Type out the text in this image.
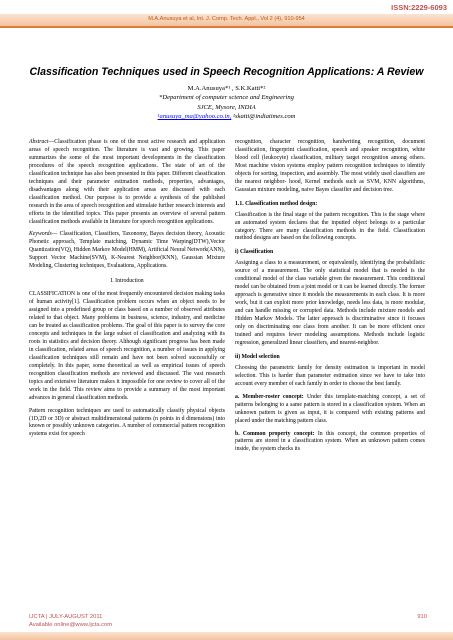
ISSN:2229-6093
M.A.Anusuya et al, Int. J. Comp. Tech. Appl., Vol 2 (4), 910-954
Classification Techniques used in Speech Recognition Applications: A Review
M.A.Anusuya*¹ , S.K.Katti*²
*Department of computer science and Engineering
SJCE, Mysore, INDIA
¹anusuya_ma@yahoo.co.in, ²skatti@indiatimes.com

Abstract—Classification phase is one of the most active research and application areas of speech recognition. The literature is vast and growing. This paper summarizes the some of the most important developments in the classification procedures of the speech recognition applications. The state of art of the classification technique has also been presented in this paper. Different classification techniques and their parameter estimation methods, properties, advantages, disadvantages along with their application areas are discussed with each classification method. Our purpose is to provide a synthesis of the published research in the area of speech recognition and stimulate further research interests and efforts in the identified topics. This paper presents an overview of several pattern classification methods available in literature for speech recognition applications.

Keywords— Classification, Classifiers, Taxonomy, Bayes decision theory, Acoustic Phonetic approach, Template matching, Dynamic Time Warping(DTW),Vector Quantization(VQ), Hidden Markov Model(HMM), Artificial Neural Network(ANN), Support Vector Machine(SVM), K-Nearest Neighbor(KNN), Gaussian Mixture Modeling, Clustering techniques, Evaluations, Applications.

I. Introduction

CLASSIFICATION is one of the most frequently encountered decision making tasks of human activity[1]. Classification problem occurs when an object needs to be assigned into a predefined group or class based on a number of observed attributes related to that object. Many problems in business, science, industry, and medicine can be treated as classification problems. The goal of this paper is to survey the core concepts and techniques in the large subset of classification and analyzing with its roots in statistics and decision theory. Although significant progress has been made in classification, related areas of speech recognition, a number of issues in applying classification techniques still remain and have not been solved successfully or completely. In this paper, some theoretical as well as empirical issues of speech recognition classification methods are reviewed and discussed. The vast research topics and extensive literature makes it impossible for one review to cover all of the work in the field. This review aims to provide a summary of the most important advances in general classification methods.

Pattern recognition techniques are used to automatically classify physical objects (1D,2D or 3D) or abstract multidimensional patterns (n points in d dimensions) into known or possibly unknown categories. A number of commercial pattern recognition systems exist for speech

recognition, character recognition, handwriting recognition, document classification, fingerprint classification, speech and speaker recognition, white blood cell (leukocyte) classification, military target recognition among others. Most machine vision systems employ pattern recognition techniques to identify objects for sorting, inspection, and assembly. The most widely used classifiers are the nearest neighbor- hood, Kernel methods such as SVM, KNN algorithms, Gaussian mixture modeling, naive Bayes classifier and decision tree.

1.1. Classification method design:

Classification is the final stage of the pattern recognition. This is the stage where an automated system declares that the inputted object belongs to a particular category. There are many classification methods in the field. Classification method designs are based on the following concepts.

i) Classification

Assigning a class to a measurement, or equivalently, identifying the probabilistic source of a measurement. The only statistical model that is needed is the conditional model of the class variable given the measurement. This conditional model can be obtained from a joint model or it can be learned directly. The former approach is generative since it models the measurements in each class. It is more work, but it can exploit more prior knowledge, needs less data, is more modular, and can handle missing or corrupted data. Methods include mixture models and Hidden Markov Models. The latter approach is discriminative since it focuses only on discriminating one class from another. It can be more efficient once trained and requires fewer modeling assumptions. Methods include logistic regression, generalized linear classifiers, and nearest-neighbor.

ii) Model selection

Choosing the parametric family for density estimation is important in model selection. This is harder than parameter estimation since we have to take into account every member of each family in order to choose the best family.

a. Member-roster concept: Under this template-matching concept, a set of patterns belonging to a same pattern is stored in a classification system. When an unknown pattern is given as input, it is compared with existing patterns and placed under the matching pattern class.

b. Common property concept: In this concept, the common properties of patterns are stored in a classification system. When an unknown pattern comes inside, the system checks its

IJCTA | JULY-AUGUST 2011
Available online@www.ijcta.com
910
